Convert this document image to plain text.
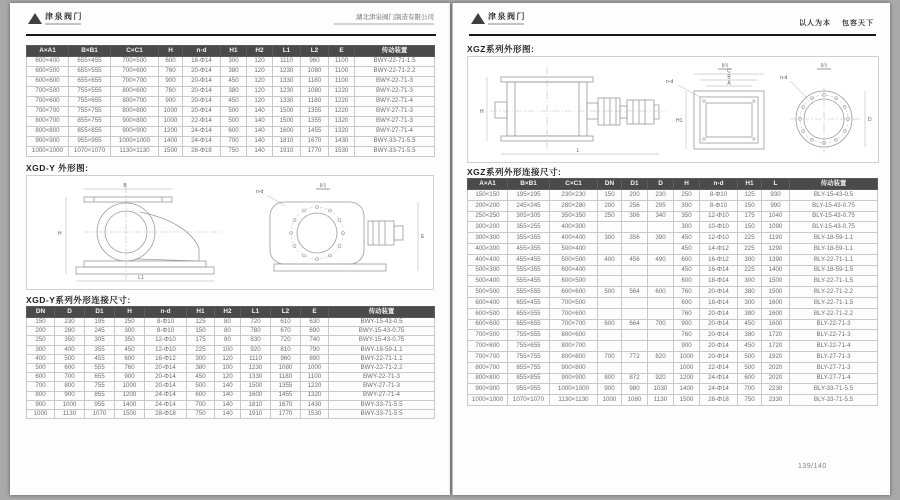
津泉阀门	湖北津泉阀门制造有限公司
A×A1	B×B1	C×C1	H	n-d	H1	H2	L1	L2	E	传动装置
600×400	655×455	700×500	600	18-Φ14	300	120	1110	960	1100	BWY-22-71-1.5
600×500	655×555	700×600	760	20-Φ14	380	120	1230	1080	1100	BWY-22-71-2.2
600×600	655×655	700×700	900	20-Φ14	450	120	1330	1180	1100	BWY-22-71-3
700×500	755×555	800×600	760	20-Φ14	380	120	1230	1080	1220	BWY-22-71-3
700×600	755×655	800×700	900	20-Φ14	450	120	1330	1180	1220	BWY-22-71-4
700×700	755×755	800×800	1000	20-Φ14	500	140	1500	1355	1220	BWY-27-71-3
800×700	855×755	900×800	1000	22-Φ14	500	140	1500	1355	1320	BWY-27-71-3
800×800	855×855	900×900	1200	24-Φ14	600	140	1600	1455	1320	BWY-27-71-4
900×900	955×955	1000×1000	1400	24-Φ14	700	140	1810	1670	1430	BWY-33-71-5.5
1000×1000	1070×1070	1130×1130	1500	28-Φ18	750	140	1910	1770	1530	BWY-33-71-5.5
XGD-Y 外形图:
B
H
L1
E
n-d
I向
XGD-Y系列外形连接尺寸:
DN	D	D1	H	n-d	H1	H2	L1	L2	E	传动装置
150	230	195	250	8-Φ10	125	80	720	610	630	BWY-15-43-0.5
200	280	245	300	8-Φ10	150	80	780	670	690	BWY-15-43-0.75
250	350	305	350	12-Φ10	175	80	830	720	740	BWY-15-43-0.75
300	400	355	450	12-Φ10	225	100	920	810	790	BWY-18-59-1.1
400	500	455	600	16-Φ12	300	120	1110	960	890	BWY-22-71-1.1
500	600	555	760	20-Φ14	380	100	1230	1080	1000	BWY-22-71-2.2
600	700	655	900	20-Φ14	450	120	1330	1180	1100	BWY-22-71-3
700	800	755	1000	20-Φ14	500	140	1500	1355	1220	BWY-27-71-3
800	900	855	1200	24-Φ14	600	140	1600	1455	1320	BWY-27-71-4
900	1000	955	1400	24-Φ14	700	140	1810	1670	1430	BWY-33-71-5.5
1000	1130	1070	1500	28-Φ18	750	140	1910	1770	1530	BWY-33-71-5.5
津泉阀门
以人为本 包容天下
XGZ系列外形图:
H
L
I向
C
B
A
H1
n-d
I向
D
n-d
XGZ系列外形连接尺寸:
A×A1	B×B1	C×C1	DN	D1	D	H	n-d	H1	L	传动装置
150×150	195×195	230×230	150	200	230	250	8-Φ10	125	930	BLY-15-43-0.5
200×200	245×245	280×280	200	256	295	300	8-Φ10	150	990	BLY-15-43-0.75
250×250	305×305	350×350	250	306	340	350	12-Φ10	175	1040	BLY-15-43-0.75
300×200	355×255	400×300				300	10-Φ10	150	1090	BLY-15-43-0.75
300×300	355×355	400×400	300	356	390	450	12-Φ10	225	1190	BLY-18-59-1.1
400×300	455×355	500×400				450	14-Φ12	225	1290	BLY-18-59-1.1
400×400	455×455	500×500	400	456	490	600	16-Φ12	300	1390	BLY-22-71-1.1
500×300	555×355	600×400				450	16-Φ14	225	1400	BLY-18-59-1.5
500×400	555×455	600×500				600	18-Φ14	300	1500	BLY-22-71-1.5
500×500	555×555	600×600	500	564	600	760	20-Φ14	380	1500	BLY-22-71-2.2
600×400	655×455	700×500				600	18-Φ14	300	1600	BLY-22-71-1.5
600×500	655×555	700×600				760	20-Φ14	380	1600	BLY-22-71-2.2
600×600	655×655	700×700	600	664	700	900	20-Φ14	450	1600	BLY-22-71-3
700×500	755×555	800×600				760	20-Φ14	380	1720	BLY-22-71-3
700×600	755×655	800×700				900	20-Φ14	450	1720	BLY-22-71-4
700×700	755×755	800×800	700	772	820	1000	20-Φ14	500	1920	BLY-27-71-3
800×700	855×755	900×800				1000	22-Φ14	500	2020	BLY-27-71-3
800×800	855×855	900×900	800	872	920	1200	24-Φ14	600	2020	BLY-27-71-4
900×900	955×955	1000×1000	900	980	1030	1400	24-Φ14	700	2230	BLY-33-71-5.5
1000×1000	1070×1070	1130×1130	1000	1080	1130	1500	28-Φ18	750	2330	BLY-33-71-5.5
139/140
